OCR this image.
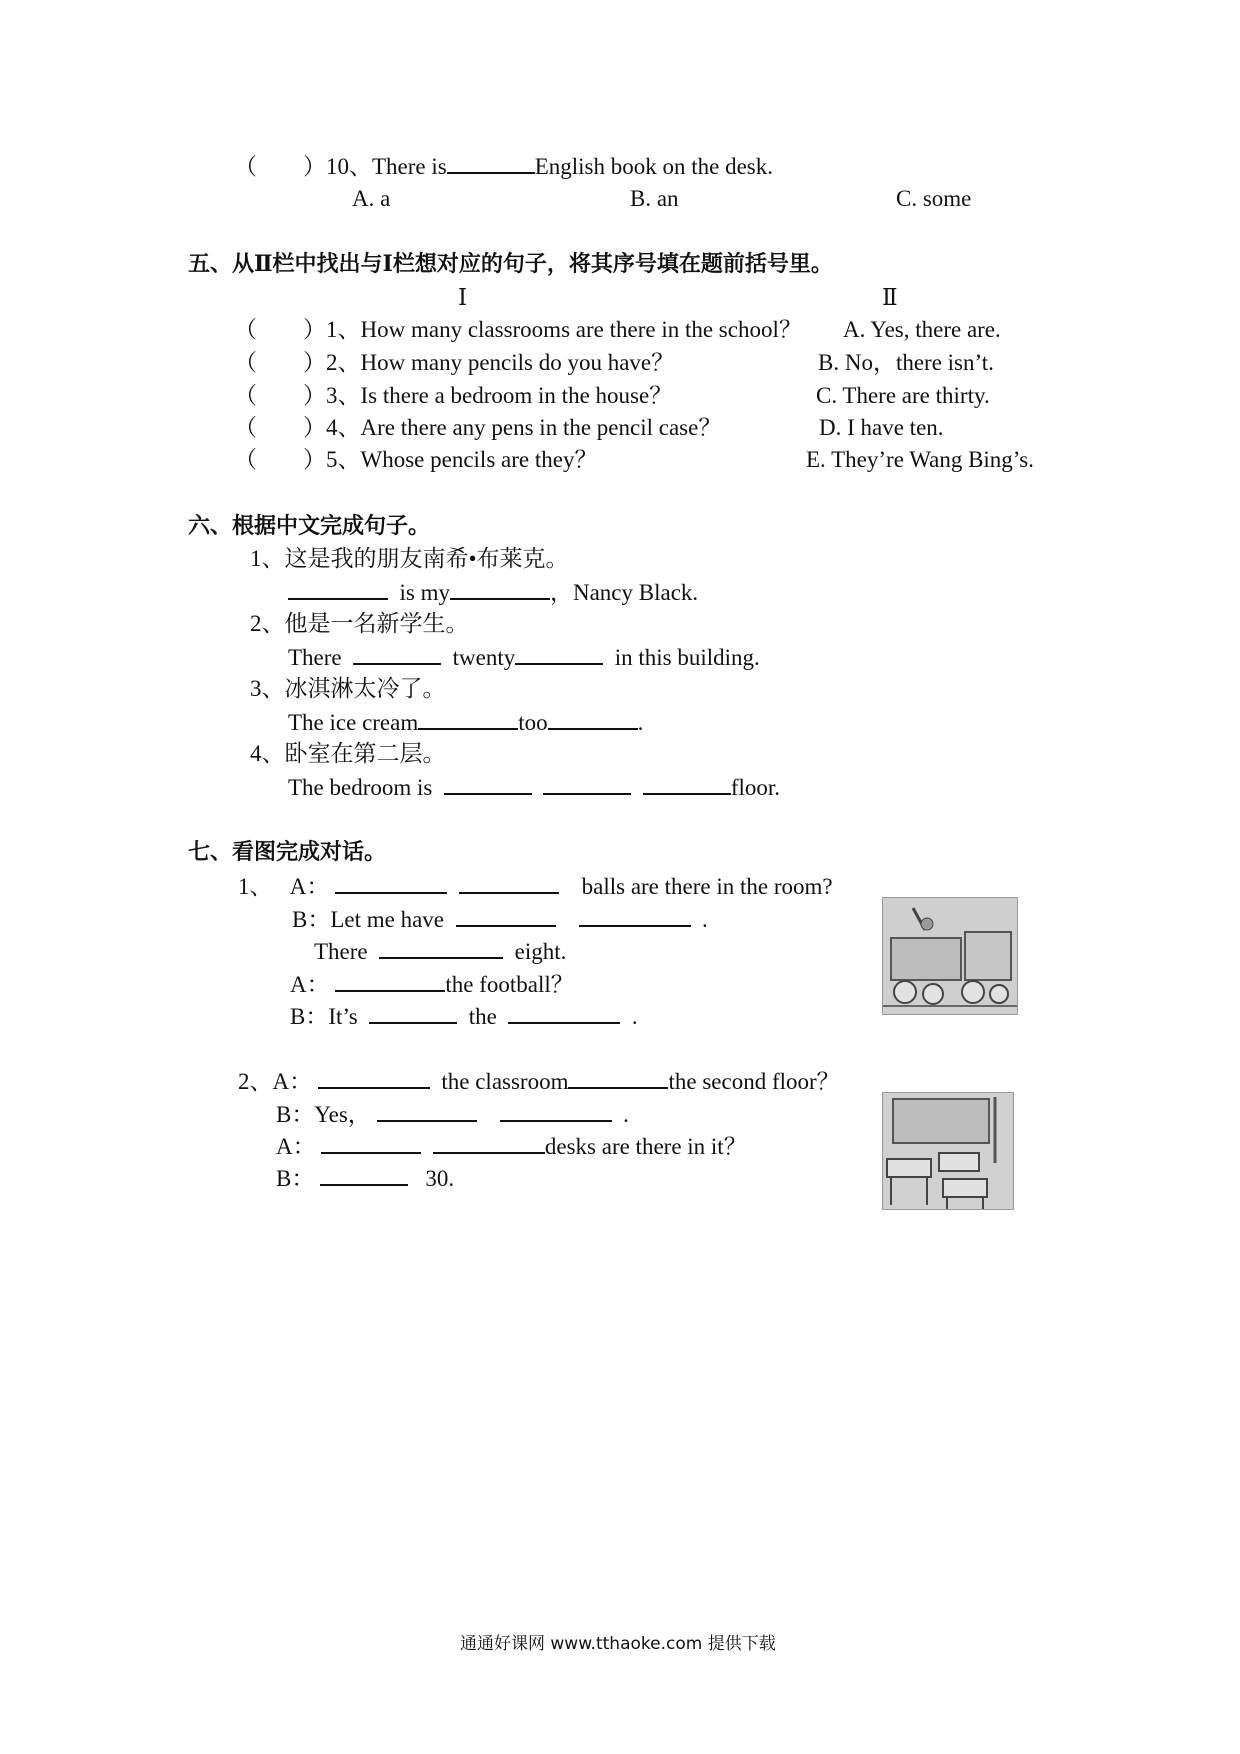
（　　）10、There is	English book on the desk.
A. a	B. an	C. some
五、从Ⅱ栏中找出与Ⅰ栏想对应的句子，将其序号填在题前括号里。
Ⅰ	Ⅱ
（　　）1、How many classrooms are there in the school？ A. Yes, there are.
（　　）2、How many pencils do you have？	B. No，there isn’t.
（　　）3、Is there a bedroom in the house？	C. There are thirty.
（　　）4、Are there any pens in the pencil case？	D. I have ten.
（　　）5、Whose pencils are they？	E. They’re Wang Bing’s.
六、根据中文完成句子。
1、这是我的朋友南希•布莱克。
is my	，Nancy Black.
2、他是一名新学生。
There	twenty	in this building.
3、冰淇淋太冷了。
The ice cream	too	.
4、卧室在第二层。
The bedroom is	floor.
七、看图完成对话。
1、 A：	balls are there in the room?
B：Let me have	.
There	eight.
A：	the football？
B：It’s	the	.
2、A：	the classroom	the second floor？
B：Yes，	.
A：	desks are there in it？
B：	30.
通通好课网 www.tthaoke.com 提供下载
